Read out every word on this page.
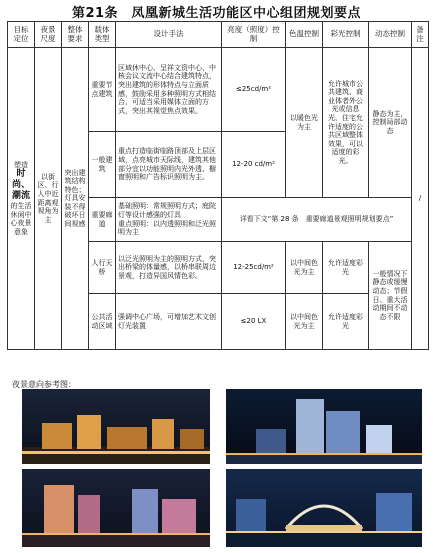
第21条　凤凰新城生活功能区中心组团规划要点
目标定位	夜景尺度	整体要求	载体类型	设计手法	亮度（照度）控制	色温控制	彩光控制	动态控制	备注
塑造
时尚、潮流
的生活休闲中心夜景意象	以街区、行人中近距离观视角为主	突出建筑结构特色；灯具安装不得破坏日间视感	重要节点建筑	区域休中心、呈祥文资中心、中核会议文流中心结合建筑特点，突出建筑的形体特点与立面质感，鼓励采用多种照明方式相结合，可适当采用媒体立面的方式，突出其视觉焦点效果。	≤25cd/m²	以暖色光为主	允许城市公共建筑、商业体者外公光或信息光，住宅允许适度的公共区域整体效果，可以适度的彩光。	静态为主，控制局部动态	/
			一般建筑	重点打造临街临路顶部及上层区域，点亮城市天际线，建筑其他部分宜以功能照明内光外透、橱窗照明和广告标识照明为主。	12-20 cd/m²				
			重要廊道	基础照明：常规照明方式；庭院灯等设计感强的灯具
重点照明：以内透照明和泛光照明为主	详看下文“第 28 条　重要廊道景观照明规划要点”				
			人行天桥	以泛光照明为主的照明方式，突出桥梁的体量感，以桥串联周边景观，打造异国风情色彩。	12-25cd/m²	以中间色光为主	允许适度彩光	一般情况下静态或缓慢动态；节假日、重大活动期间不动态不限	
			公共活动区域	强调中心广场，可增加艺术文创灯光装置	≤20 LX	以中间色光为主	允许适度彩光		
夜景意向参考图：
